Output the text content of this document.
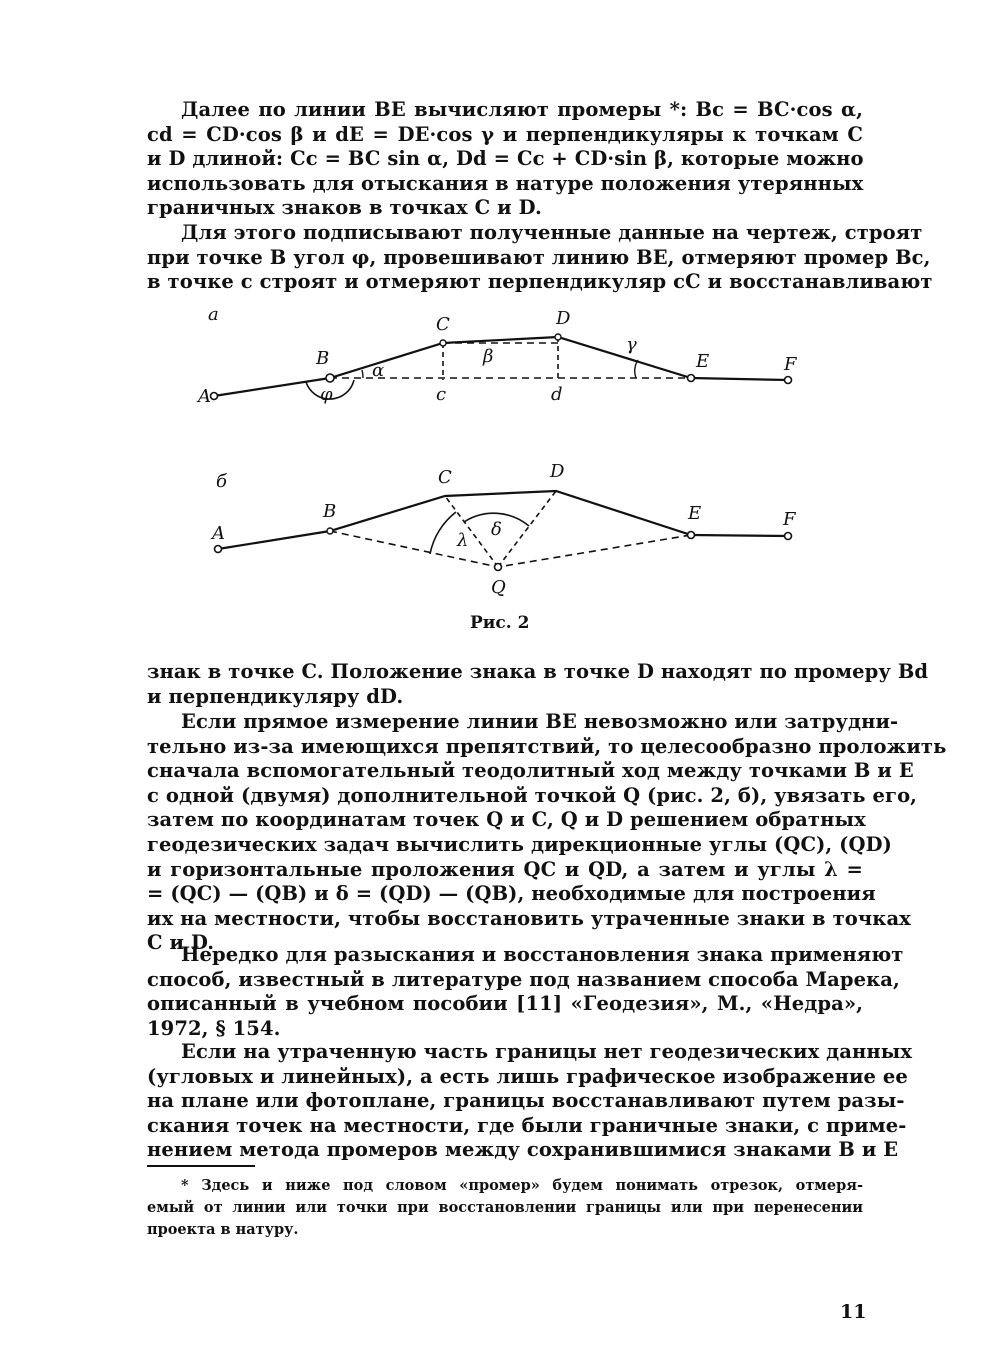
Далее по линии BE вычисляют промеры *: Bc = BC·cos α,
cd = CD·cos β и dE = DE·cos γ и перпендикуляры к точкам C
и D длиной: Cc = BC sin α, Dd = Cc + CD·sin β, которые можно
использовать для отыскания в натуре положения утерянных
граничных знаков в точках C и D.
Для этого подписывают полученные данные на чертеж, строят
при точке B угол φ, провешивают линию BE, отмеряют промер Bc,
в точке c строят и отмеряют перпендикуляр cC и восстанавливают
а
A
B
C	D
E	F
c	d
α
β
γ
φ
б
A
B
C	D
E	F
Q
λ
δ
Рис. 2
знак в точке C. Положение знака в точке D находят по промеру Bd
и перпендикуляру dD.
Если прямое измерение линии BE невозможно или затрудни-
тельно из-за имеющихся препятствий, то целесообразно проложить
сначала вспомогательный теодолитный ход между точками B и E
с одной (двумя) дополнительной точкой Q (рис. 2, б), увязать его,
затем по координатам точек Q и C, Q и D решением обратных
геодезических задач вычислить дирекционные углы (QC), (QD)
и горизонтальные проложения QC и QD, а затем и углы λ =
= (QC) — (QB) и δ = (QD) — (QB), необходимые для построения
их на местности, чтобы восстановить утраченные знаки в точках
C и D.
Нередко для разыскания и восстановления знака применяют
способ, известный в литературе под названием способа Марека,
описанный в учебном пособии [11] «Геодезия», М., «Недра»,
1972, § 154.
Если на утраченную часть границы нет геодезических данных
(угловых и линейных), а есть лишь графическое изображение ее
на плане или фотоплане, границы восстанавливают путем разы-
скания точек на местности, где были граничные знаки, с приме-
нением метода промеров между сохранившимися знаками B и E
* Здесь и ниже под словом «промер» будем понимать отрезок, отмеря-
емый от линии или точки при восстановлении границы или при перенесении
проекта в натуру.
11
